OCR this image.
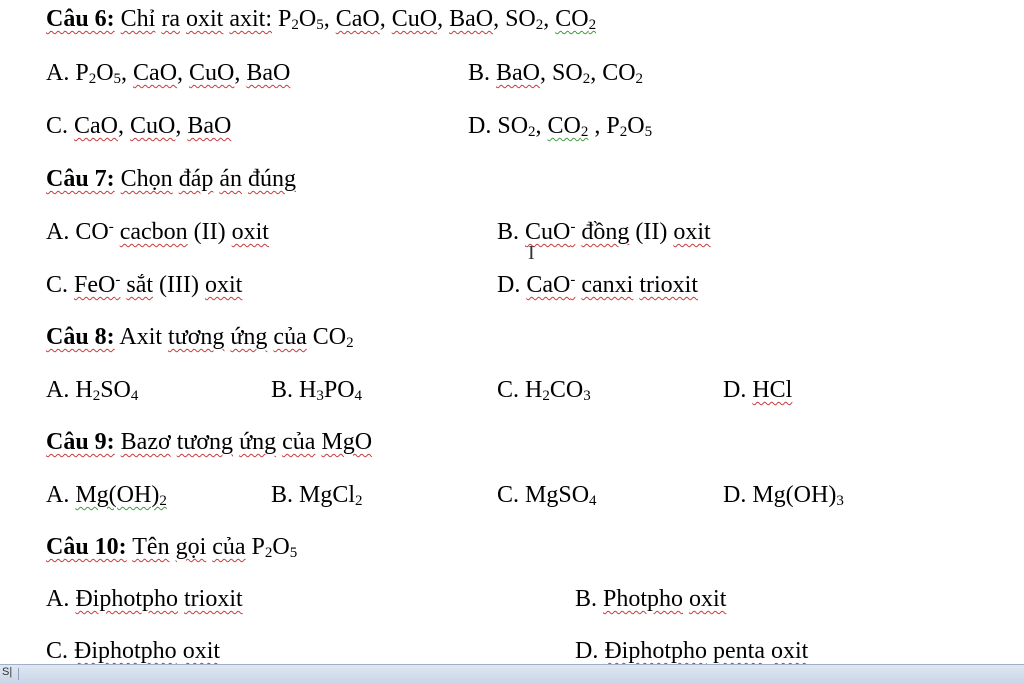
Câu 6: Chỉ ra oxit axit: $P_2O_5$, CaO, CuO, BaO, $SO_2$, $CO_2$

A. $P_2O_5$, CaO, CuO, BaO	B. BaO, $SO_2$, $CO_2$

C. CaO, CuO, BaO	D. $SO_2$, $CO_2$ , $P_2O_5$

Câu 7: Chọn đáp án đúng

A. CO- cacbon (II) oxit	B. CuO- đồng (II) oxit

C. FeO- sắt (III) oxit	D. CaO- canxi trioxit

Câu 8: Axit tương ứng của $CO_2$

A. $H_2SO_4$	B. $H_3PO_4$	C. $H_2CO_3$	D. HCl

Câu 9: Bazơ tương ứng của MgO

A. $Mg(OH)_2$	B. MgCl$_2$	C. MgSO$_4$	D. $Mg(OH)_3$

Câu 10: Tên gọi của $P_2O_5$

A. Điphotpho trioxit	B. Photpho oxit

C. Điphotpho oxit	D. Điphotpho penta oxit

I
S|
